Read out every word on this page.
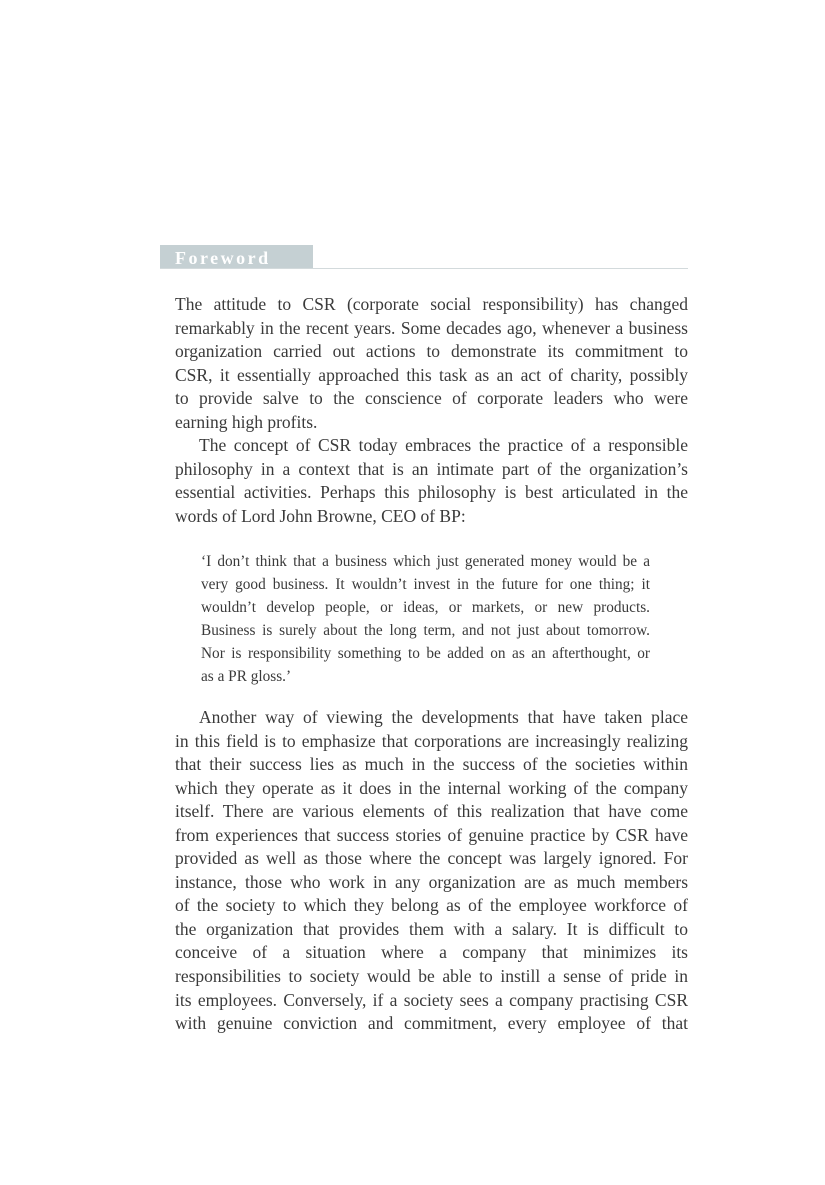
Foreword
The attitude to CSR (corporate social responsibility) has changed
remarkably in the recent years. Some decades ago, whenever a business
organization carried out actions to demonstrate its commitment to
CSR, it essentially approached this task as an act of charity, possibly
to provide salve to the conscience of corporate leaders who were
earning high profits.
The concept of CSR today embraces the practice of a responsible
philosophy in a context that is an intimate part of the organization’s
essential activities. Perhaps this philosophy is best articulated in the
words of Lord John Browne, CEO of BP:
‘I don’t think that a business which just generated money would be a
very good business. It wouldn’t invest in the future for one thing; it
wouldn’t develop people, or ideas, or markets, or new products.
Business is surely about the long term, and not just about tomorrow.
Nor is responsibility something to be added on as an afterthought, or
as a PR gloss.’
Another way of viewing the developments that have taken place
in this field is to emphasize that corporations are increasingly realizing
that their success lies as much in the success of the societies within
which they operate as it does in the internal working of the company
itself. There are various elements of this realization that have come
from experiences that success stories of genuine practice by CSR have
provided as well as those where the concept was largely ignored. For
instance, those who work in any organization are as much members
of the society to which they belong as of the employee workforce of
the organization that provides them with a salary. It is difficult to
conceive of a situation where a company that minimizes its
responsibilities to society would be able to instill a sense of pride in
its employees. Conversely, if a society sees a company practising CSR
with genuine conviction and commitment, every employee of that
